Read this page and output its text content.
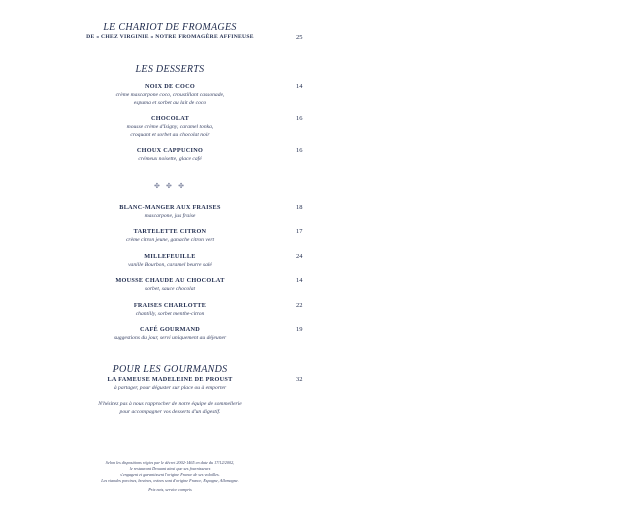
LE CHARIOT DE FROMAGES
DE « CHEZ VIRGINIE » NOTRE FROMAGÈRE AFFINEUSE	25
LES DESSERTS
NOIX DE COCO	14
crème mascarpone coco, croustillant cassonade,
espuma et sorbet au lait de coco
CHOCOLAT	16
mousse crème d'Isigny, caramel tonka,
croquant et sorbet au chocolat noir
CHOUX CAPPUCINO	16
crémeux noisette, glace café
✤ ✤ ✤
BLANC-MANGER AUX FRAISES	18
mascarpone, jus fraise
TARTELETTE CITRON	17
crème citron jeune, ganache citron vert
MILLEFEUILLE	24
vanille Bourbon, caramel beurre salé
MOUSSE CHAUDE AU CHOCOLAT	14
sorbet, sauce chocolat
FRAISES CHARLOTTE	22
chantilly, sorbet menthe-citron
CAFÉ GOURMAND	19
suggestions du jour, servi uniquement au déjeuner
POUR LES GOURMANDS
LA FAMEUSE MADELEINE DE PROUST	32
à partager, pour déguster sur place ou à emporter
N'hésitez pas à nous rapprocher de notre équipe de sommellerie
pour accompagner vos desserts d'un digestif.
Selon les dispositions régies par le décret 2002-1465 en date du 17/12/2002,
le restaurant Drouant ainsi que ses fournisseurs
s'engagent et garantissent l'origine France de ses volailles.
Les viandes porcines, bovines, ovines sont d'origine France, Espagne, Allemagne.
Prix nets, service compris
